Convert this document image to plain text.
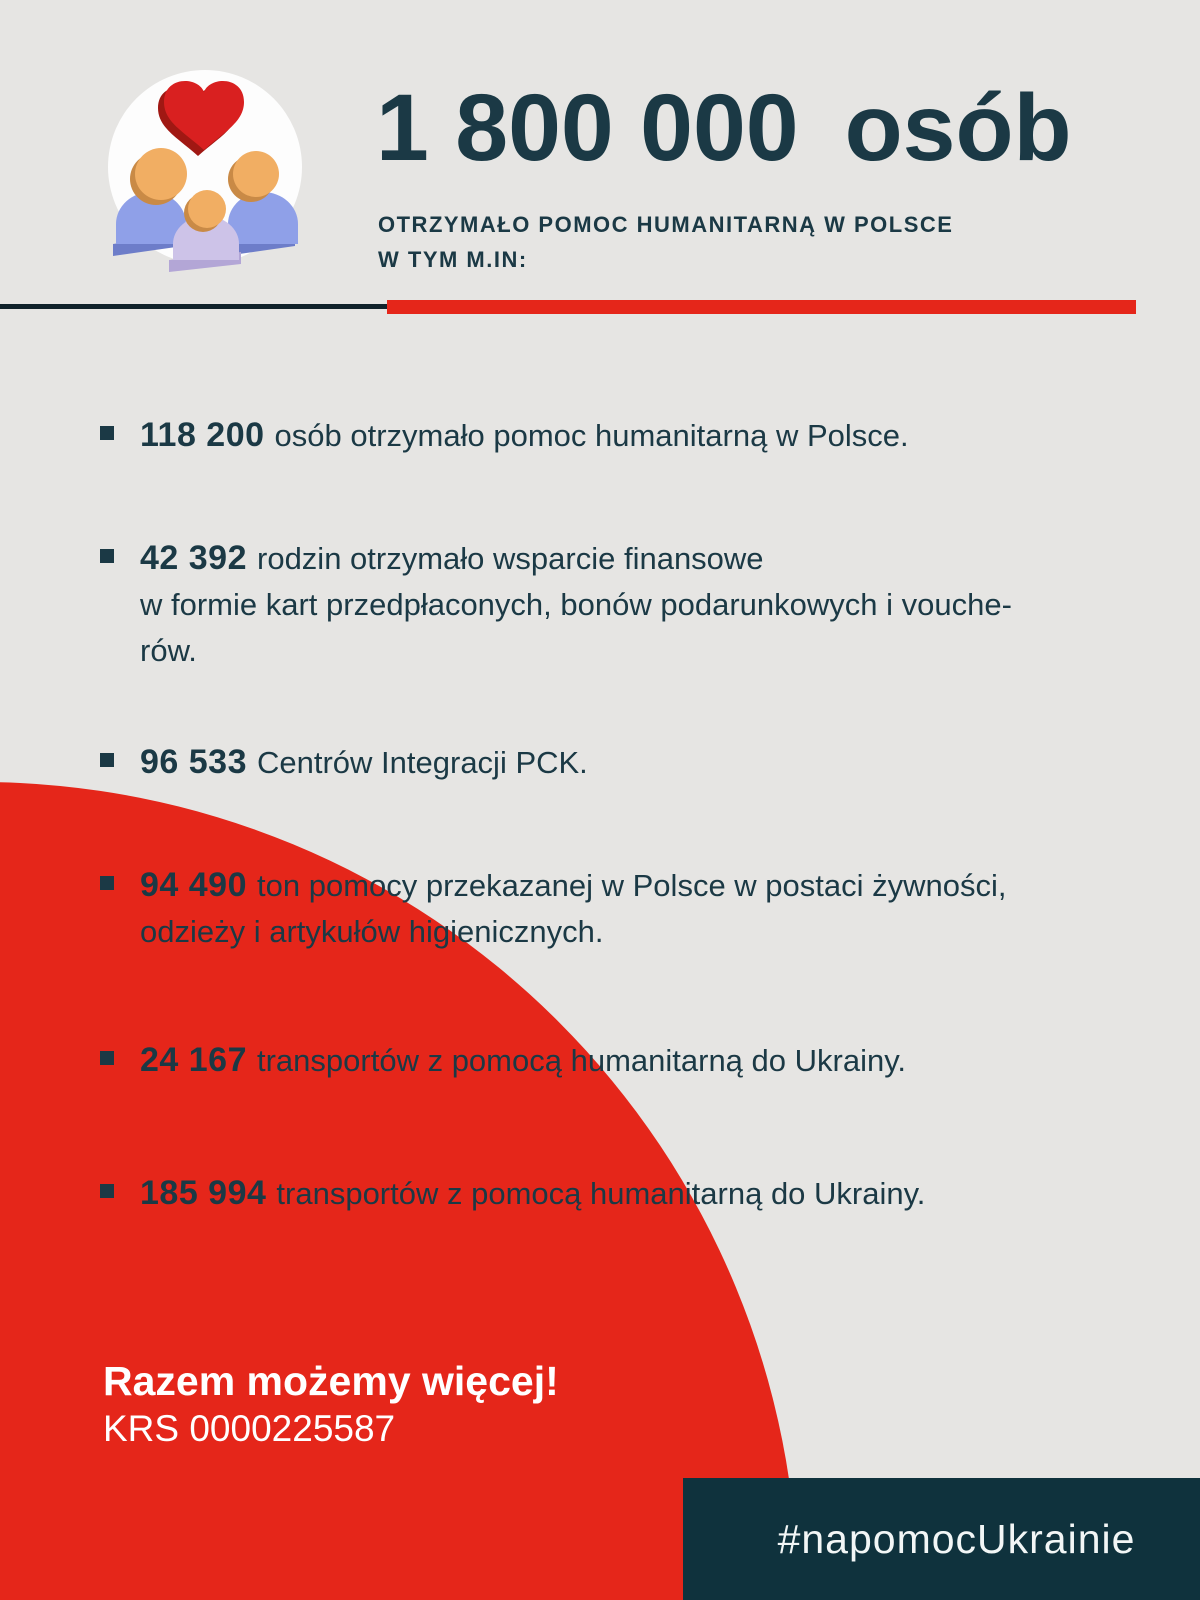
1 800 000 osób
OTRZYMAŁO POMOC HUMANITARNĄ W POLSCE
W TYM M.IN:
118 200 osób otrzymało pomoc humanitarną w Polsce.
42 392 rodzin otrzymało wsparcie finansowe
w formie kart przedpłaconych, bonów podarunkowych i vouche-
rów.
96 533 Centrów Integracji PCK.
94 490 ton pomocy przekazanej w Polsce w postaci żywności,
odzieży i artykułów higienicznych.
24 167 transportów z pomocą humanitarną do Ukrainy.
185 994 transportów z pomocą humanitarną do Ukrainy.
Razem możemy więcej!
KRS 0000225587
#napomocUkrainie
